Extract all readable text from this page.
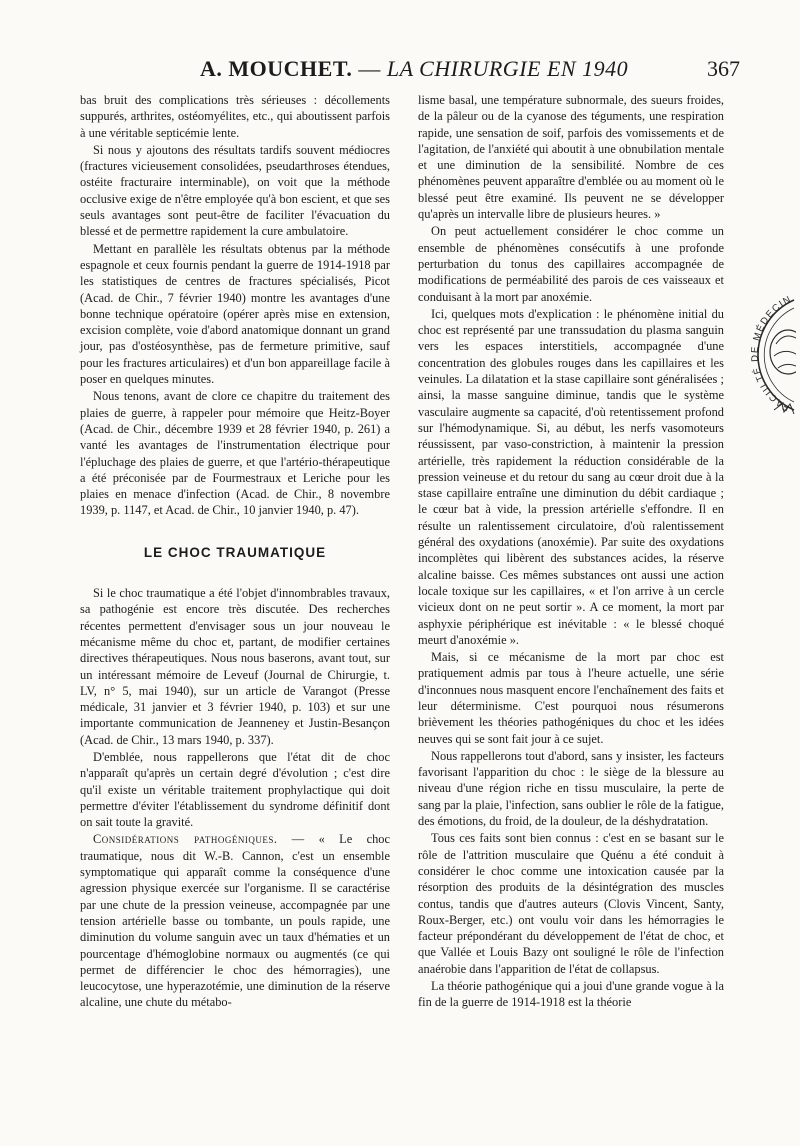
A. MOUCHET. — LA CHIRURGIE EN 1940	367

bas bruit des complications très sérieuses : décollements suppurés, arthrites, ostéomyélites, etc., qui aboutissent parfois à une véritable septicémie lente.

Si nous y ajoutons des résultats tardifs souvent médiocres (fractures vicieusement consolidées, pseudarthroses étendues, ostéite fracturaire interminable), on voit que la méthode occlusive exige de n'être employée qu'à bon escient, et que ses seuls avantages sont peut-être de faciliter l'évacuation du blessé et de permettre rapidement la cure ambulatoire.

Mettant en parallèle les résultats obtenus par la méthode espagnole et ceux fournis pendant la guerre de 1914-1918 par les statistiques de centres de fractures spécialisés, Picot (Acad. de Chir., 7 février 1940) montre les avantages d'une bonne technique opératoire (opérer après mise en extension, excision complète, voie d'abord anatomique donnant un grand jour, pas d'ostéosynthèse, pas de fermeture primitive, sauf pour les fractures articulaires) et d'un bon appareillage facile à poser en quelques minutes.

Nous tenons, avant de clore ce chapitre du traitement des plaies de guerre, à rappeler pour mémoire que Heitz-Boyer (Acad. de Chir., décembre 1939 et 28 février 1940, p. 261) a vanté les avantages de l'instrumentation électrique pour l'épluchage des plaies de guerre, et que l'artério-thérapeutique a été préconisée par de Fourmestraux et Leriche pour les plaies en menace d'infection (Acad. de Chir., 8 novembre 1939, p. 1147, et Acad. de Chir., 10 janvier 1940, p. 47).

LE CHOC TRAUMATIQUE

Si le choc traumatique a été l'objet d'innombrables travaux, sa pathogénie est encore très discutée. Des recherches récentes permettent d'envisager sous un jour nouveau le mécanisme même du choc et, partant, de modifier certaines directives thérapeutiques. Nous nous baserons, avant tout, sur un intéressant mémoire de Leveuf (Journal de Chirurgie, t. LV, n° 5, mai 1940), sur un article de Varangot (Presse médicale, 31 janvier et 3 février 1940, p. 103) et sur une importante communication de Jeanneney et Justin-Besançon (Acad. de Chir., 13 mars 1940, p. 337).

D'emblée, nous rappellerons que l'état dit de choc n'apparaît qu'après un certain degré d'évolution ; c'est dire qu'il existe un véritable traitement prophylactique qui doit permettre d'éviter l'établissement du syndrome définitif dont on sait toute la gravité.

Considérations pathogéniques. — « Le choc traumatique, nous dit W.-B. Cannon, c'est un ensemble symptomatique qui apparaît comme la conséquence d'une agression physique exercée sur l'organisme. Il se caractérise par une chute de la pression veineuse, accompagnée par une tension artérielle basse ou tombante, un pouls rapide, une diminution du volume sanguin avec un taux d'hématies et un pourcentage d'hémoglobine normaux ou augmentés (ce qui permet de différencier le choc des hémorragies), une leucocytose, une hyperazotémie, une diminution de la réserve alcaline, une chute du métabo-

lisme basal, une température subnormale, des sueurs froides, de la pâleur ou de la cyanose des téguments, une respiration rapide, une sensation de soif, parfois des vomissements et de l'agitation, de l'anxiété qui aboutit à une obnubilation mentale et une diminution de la sensibilité. Nombre de ces phénomènes peuvent apparaître d'emblée ou au moment où le blessé peut être examiné. Ils peuvent ne se développer qu'après un intervalle libre de plusieurs heures. »

On peut actuellement considérer le choc comme un ensemble de phénomènes consécutifs à une profonde perturbation du tonus des capillaires accompagnée de modifications de perméabilité des parois de ces vaisseaux et conduisant à la mort par anoxémie.

Ici, quelques mots d'explication : le phénomène initial du choc est représenté par une transsudation du plasma sanguin vers les espaces interstitiels, accompagnée d'une concentration des globules rouges dans les capillaires et les veinules. La dilatation et la stase capillaire sont généralisées ; ainsi, la masse sanguine diminue, tandis que le système vasculaire augmente sa capacité, d'où retentissement profond sur l'hémodynamique. Si, au début, les nerfs vasomoteurs réussissent, par vaso-constriction, à maintenir la pression artérielle, très rapidement la réduction considérable de la pression veineuse et du retour du sang au cœur droit due à la stase capillaire entraîne une diminution du débit cardiaque ; le cœur bat à vide, la pression artérielle s'effondre. Il en résulte un ralentissement circulatoire, d'où ralentissement général des oxydations (anoxémie). Par suite des oxydations incomplètes qui libèrent des substances acides, la réserve alcaline baisse. Ces mêmes substances ont aussi une action locale toxique sur les capillaires, « et l'on arrive à un cercle vicieux dont on ne peut sortir ». A ce moment, la mort par asphyxie périphérique est inévitable : « le blessé choqué meurt d'anoxémie ».

Mais, si ce mécanisme de la mort par choc est pratiquement admis par tous à l'heure actuelle, une série d'inconnues nous masquent encore l'enchaînement des faits et leur déterminisme. C'est pourquoi nous résumerons brièvement les théories pathogéniques du choc et les idées neuves qui se sont fait jour à ce sujet.

Nous rappellerons tout d'abord, sans y insister, les facteurs favorisant l'apparition du choc : le siège de la blessure au niveau d'une région riche en tissu musculaire, la perte de sang par la plaie, l'infection, sans oublier le rôle de la fatigue, des émotions, du froid, de la douleur, de la déshydratation.

Tous ces faits sont bien connus : c'est en se basant sur le rôle de l'attrition musculaire que Quénu a été conduit à considérer le choc comme une intoxication causée par la résorption des produits de la désintégration des muscles contus, tandis que d'autres auteurs (Clovis Vincent, Santy, Roux-Berger, etc.) ont voulu voir dans les hémorragies le facteur prépondérant du développement de l'état de choc, et que Vallée et Louis Bazy ont souligné le rôle de l'infection anaérobie dans l'apparition de l'état de collapsus.

La théorie pathogénique qui a joui d'une grande vogue à la fin de la guerre de 1914-1918 est la théorie

FACULTÉ DE MÉDECIN
